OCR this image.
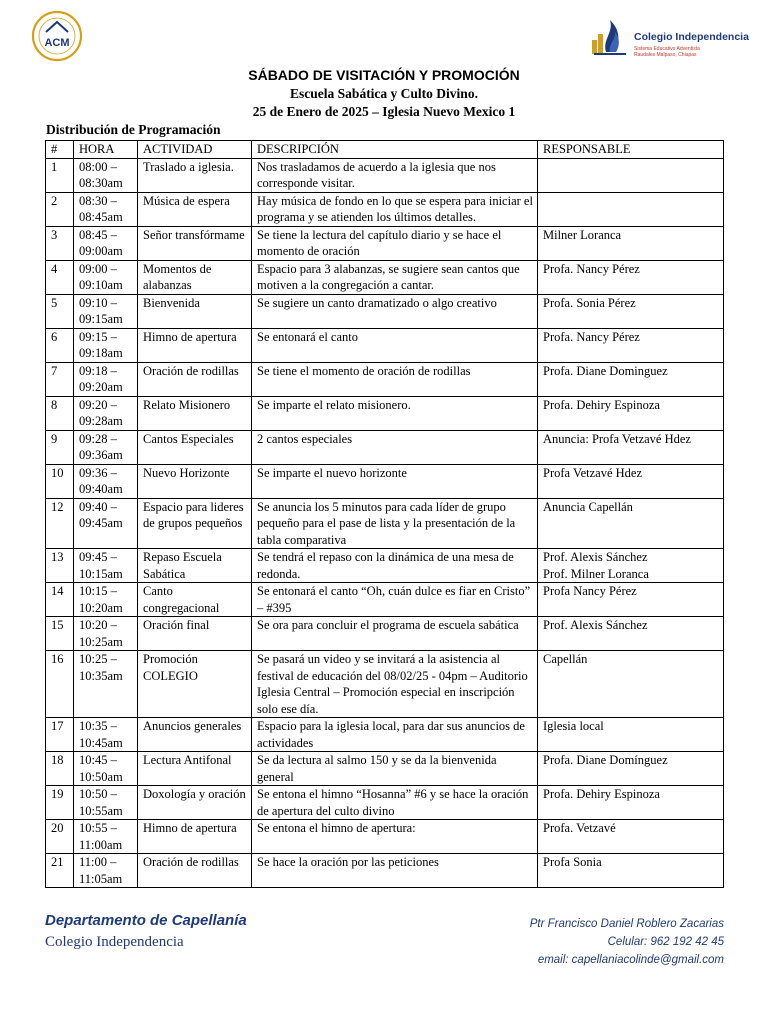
ACM	Colegio Independencia
Sistema Educativo Adventista
Raudales Malpaso, Chiapas
SÁBADO DE VISITACIÓN Y PROMOCIÓN
Escuela Sabática y Culto Divino.
25 de Enero de 2025 – Iglesia Nuevo Mexico 1
Distribución de Programación
#	HORA	ACTIVIDAD	DESCRIPCIÓN	RESPONSABLE
1	08:00 – 08:30am	Traslado a iglesia.	Nos trasladamos de acuerdo a la iglesia que nos corresponde visitar.	
2	08:30 – 08:45am	Música de espera	Hay música de fondo en lo que se espera para iniciar el programa y se atienden los últimos detalles.	
3	08:45 – 09:00am	Señor transfórmame	Se tiene la lectura del capítulo diario y se hace el momento de oración	Milner Loranca
4	09:00 – 09:10am	Momentos de alabanzas	Espacio para 3 alabanzas, se sugiere sean cantos que motiven a la congregación a cantar.	Profa. Nancy Pérez
5	09:10 – 09:15am	Bienvenida	Se sugiere un canto dramatizado o algo creativo	Profa. Sonia Pérez
6	09:15 – 09:18am	Himno de apertura	Se entonará el canto	Profa. Nancy Pérez
7	09:18 – 09:20am	Oración de rodillas	Se tiene el momento de oración de rodillas	Profa. Diane Dominguez
8	09:20 – 09:28am	Relato Misionero	Se imparte el relato misionero.	Profa. Dehiry Espinoza
9	09:28 – 09:36am	Cantos Especiales	2 cantos especiales	Anuncia: Profa Vetzavé Hdez
10	09:36 – 09:40am	Nuevo Horizonte	Se imparte el nuevo horizonte	Profa Vetzavé Hdez
12	09:40 – 09:45am	Espacio para lideres de grupos pequeños	Se anuncia los 5 minutos para cada líder de grupo pequeño para el pase de lista y la presentación de la tabla comparativa	Anuncia Capellán
13	09:45 – 10:15am	Repaso Escuela Sabática	Se tendrá el repaso con la dinámica de una mesa de redonda.	Prof. Alexis Sánchez
Prof. Milner Loranca
14	10:15 – 10:20am	Canto congregacional	Se entonará el canto “Oh, cuán dulce es fiar en Cristo” – #395	Profa Nancy Pérez
15	10:20 – 10:25am	Oración final	Se ora para concluir el programa de escuela sabática	Prof. Alexis Sánchez
16	10:25 – 10:35am	Promoción COLEGIO	Se pasará un video y se invitará a la asistencia al festival de educación del 08/02/25 - 04pm – Auditorio Iglesia Central – Promoción especial en inscripción solo ese día.	Capellán
17	10:35 – 10:45am	Anuncios generales	Espacio para la iglesia local, para dar sus anuncios de actividades	Iglesia local
18	10:45 – 10:50am	Lectura Antifonal	Se da lectura al salmo 150 y se da la bienvenida general	Profa. Diane Domínguez
19	10:50 – 10:55am	Doxología y oración	Se entona el himno “Hosanna” #6 y se hace la oración de apertura del culto divino	Profa. Dehiry Espinoza
20	10:55 – 11:00am	Himno de apertura	Se entona el himno de apertura:	Profa. Vetzavé
21	11:00 – 11:05am	Oración de rodillas	Se hace la oración por las peticiones	Profa Sonia
Departamento de Capellanía
Colegio Independencia
Ptr Francisco Daniel Roblero Zacarias
Celular: 962 192 42 45
email: capellaniacolinde@gmail.com
